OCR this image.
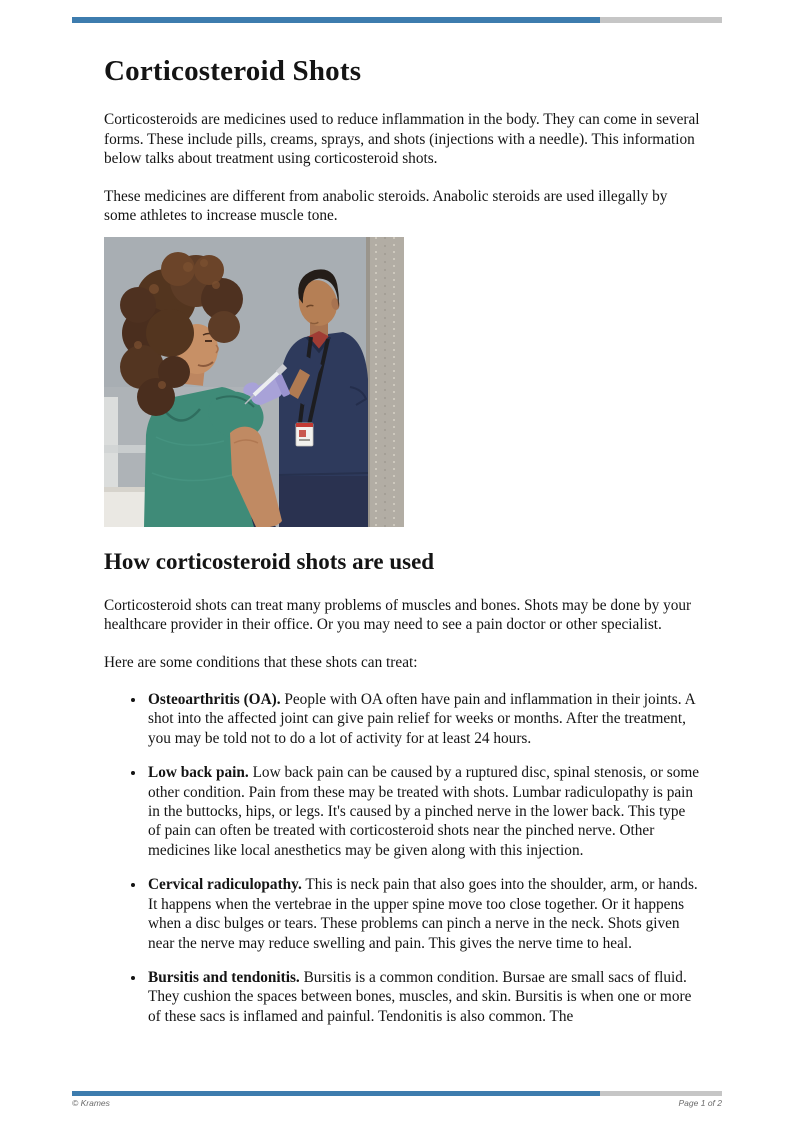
Corticosteroid Shots

Corticosteroids are medicines used to reduce inflammation in the body. They can come in several forms. These include pills, creams, sprays, and shots (injections with a needle). This information below talks about treatment using corticosteroid shots.

These medicines are different from anabolic steroids. Anabolic steroids are used illegally by some athletes to increase muscle tone.

How corticosteroid shots are used

Corticosteroid shots can treat many problems of muscles and bones. Shots may be done by your healthcare provider in their office. Or you may need to see a pain doctor or other specialist.

Here are some conditions that these shots can treat:

• Osteoarthritis (OA). People with OA often have pain and inflammation in their joints. A shot into the affected joint can give pain relief for weeks or months. After the treatment, you may be told not to do a lot of activity for at least 24 hours.
• Low back pain. Low back pain can be caused by a ruptured disc, spinal stenosis, or some other condition. Pain from these may be treated with shots. Lumbar radiculopathy is pain in the buttocks, hips, or legs. It's caused by a pinched nerve in the lower back. This type of pain can often be treated with corticosteroid shots near the pinched nerve. Other medicines like local anesthetics may be given along with this injection.
• Cervical radiculopathy. This is neck pain that also goes into the shoulder, arm, or hands. It happens when the vertebrae in the upper spine move too close together. Or it happens when a disc bulges or tears. These problems can pinch a nerve in the neck. Shots given near the nerve may reduce swelling and pain. This gives the nerve time to heal.
• Bursitis and tendonitis. Bursitis is a common condition. Bursae are small sacs of fluid. They cushion the spaces between bones, muscles, and skin. Bursitis is when one or more of these sacs is inflamed and painful. Tendonitis is also common. The
© Krames	Page 1 of 2
